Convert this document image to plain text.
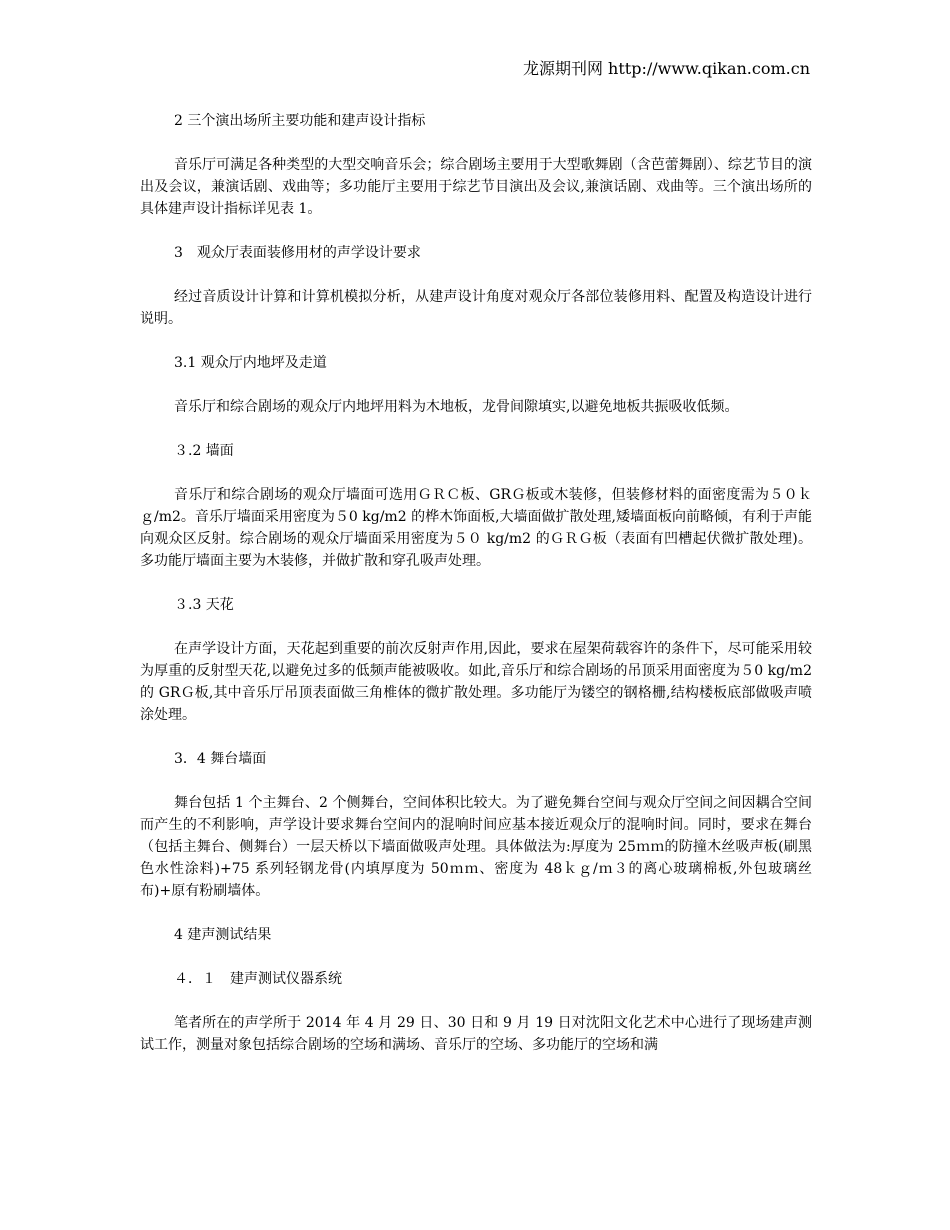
龙源期刊网 http://www.qikan.com.cn

2 三个演出场所主要功能和建声设计指标

音乐厅可满足各种类型的大型交响音乐会；综合剧场主要用于大型歌舞剧（含芭蕾舞剧）、综艺节目的演出及会议，兼演话剧、戏曲等；多功能厅主要用于综艺节目演出及会议,兼演话剧、戏曲等。三个演出场所的具体建声设计指标详见表 1。

3　观众厅表面装修用材的声学设计要求

经过音质设计计算和计算机模拟分析，从建声设计角度对观众厅各部位装修用料、配置及构造设计进行说明。

3.1 观众厅内地坪及走道

音乐厅和综合剧场的观众厅内地坪用料为木地板，龙骨间隙填实,以避免地板共振吸收低频。

３.2 墙面

音乐厅和综合剧场的观众厅墙面可选用ＧＲＣ板、GRＧ板或木装修，但装修材料的面密度需为５０ｋｇ/m2。音乐厅墙面采用密度为５0 kg/m2 的桦木饰面板,大墙面做扩散处理,矮墙面板向前略倾，有利于声能向观众区反射。综合剧场的观众厅墙面采用密度为５０ kg/m2 的ＧＲＧ板（表面有凹槽起伏微扩散处理)。多功能厅墙面主要为木装修，并做扩散和穿孔吸声处理。

３.3 天花

在声学设计方面，天花起到重要的前次反射声作用,因此，要求在屋架荷载容许的条件下，尽可能采用较为厚重的反射型天花,以避免过多的低频声能被吸收。如此,音乐厅和综合剧场的吊顶采用面密度为５0 kg/m2 的 GRＧ板,其中音乐厅吊顶表面做三角椎体的微扩散处理。多功能厅为镂空的钢格栅,结构楼板底部做吸声喷涂处理。

3．4 舞台墙面

舞台包括 1 个主舞台、2 个侧舞台，空间体积比较大。为了避免舞台空间与观众厅空间之间因耦合空间而产生的不利影响，声学设计要求舞台空间内的混响时间应基本接近观众厅的混响时间。同时，要求在舞台（包括主舞台、侧舞台）一层天桥以下墙面做吸声处理。具体做法为:厚度为 25ｍｍ的防撞木丝吸声板(刷黑色水性涂料)+75 系列轻钢龙骨(内填厚度为 50ｍｍ、密度为 48ｋｇ/ｍ３的离心玻璃棉板,外包玻璃丝布)+原有粉刷墙体。

4 建声测试结果

４．１　建声测试仪器系统

笔者所在的声学所于 2014 年 4 月 29 日、30 日和 9 月 19 日对沈阳文化艺术中心进行了现场建声测试工作，测量对象包括综合剧场的空场和满场、音乐厅的空场、多功能厅的空场和满
